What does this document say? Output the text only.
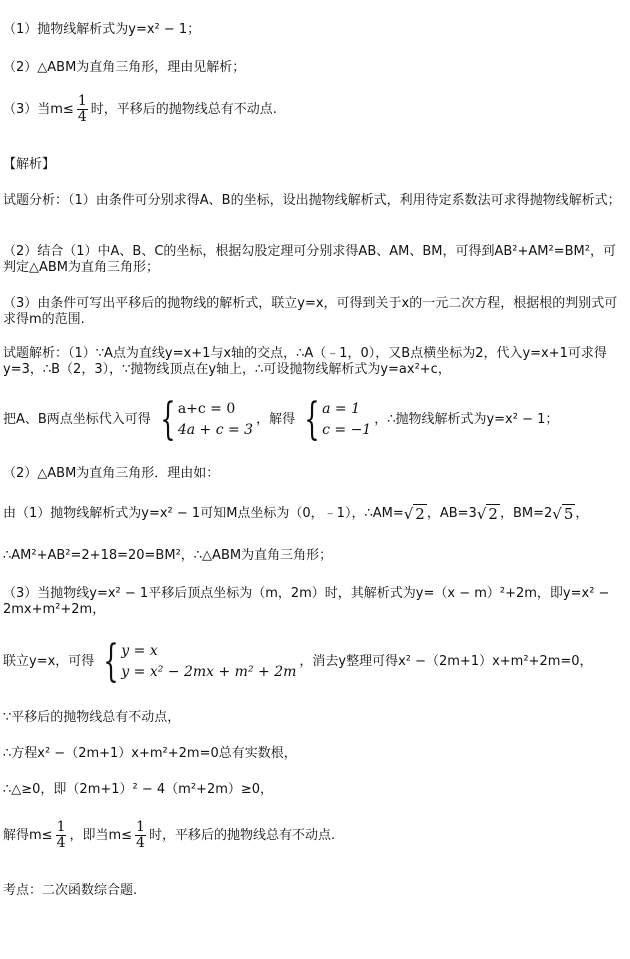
（1）抛物线解析式为y=x² − 1；
（2）△ABM为直角三角形，理由见解析；
（3）当$m\le \frac{1}{4}$ 时，平移后的抛物线总有不动点.
【解析】
试题分析：（1）由条件可分别求得A、B的坐标，设出抛物线解析式，利用待定系数法可求得抛物线解析式；
（2）结合（1）中A、B、C的坐标，根据勾股定理可分别求得AB、AM、BM，可得到AB²+AM²=BM²，可判定△ABM为直角三角形；
（3）由条件可写出平移后的抛物线的解析式，联立y=x，可得到关于x的一元二次方程，根据根的判别式可求得m的范围.
试题解析：（1）∵A点为直线y=x+1与x轴的交点，∴A（﹣1，0），又B点横坐标为2，代入y=x+1可求得y=3，∴B（2，3），∵抛物线顶点在y轴上，∴可设抛物线解析式为y=ax²+c，
把A、B两点坐标代入可得 { a+c = 0
4a + c = 3
，解得 { a = 1
c = −1
，∴抛物线解析式为y=x² − 1；
（2）△ABM为直角三角形．理由如：
由（1）抛物线解析式为y=x² − 1可知M点坐标为（0，﹣1），∴AM= √ 2 ，AB=3 √ 2 ，BM=2 √ 5 ，
∴AM²+AB²=2+18=20=BM²，∴△ABM为直角三角形；
（3）当抛物线y=x² − 1平移后顶点坐标为（m，2m）时，其解析式为y=（x − m）²+2m，即y=x² − 2mx+m²+2m，
联立y=x，可得 { y = x
y = x² − 2mx + m² + 2m
，消去y整理可得x² −（2m+1）x+m²+2m=0，
∵平移后的抛物线总有不动点，
∴方程x² −（2m+1）x+m²+2m=0总有实数根，
∴△≥0，即（2m+1）² − 4（m²+2m）≥0，
解得$m\le \frac{1}{4}$ ，即当$m\le \frac{1}{4}$ 时，平移后的抛物线总有不动点.
考点：二次函数综合题.
